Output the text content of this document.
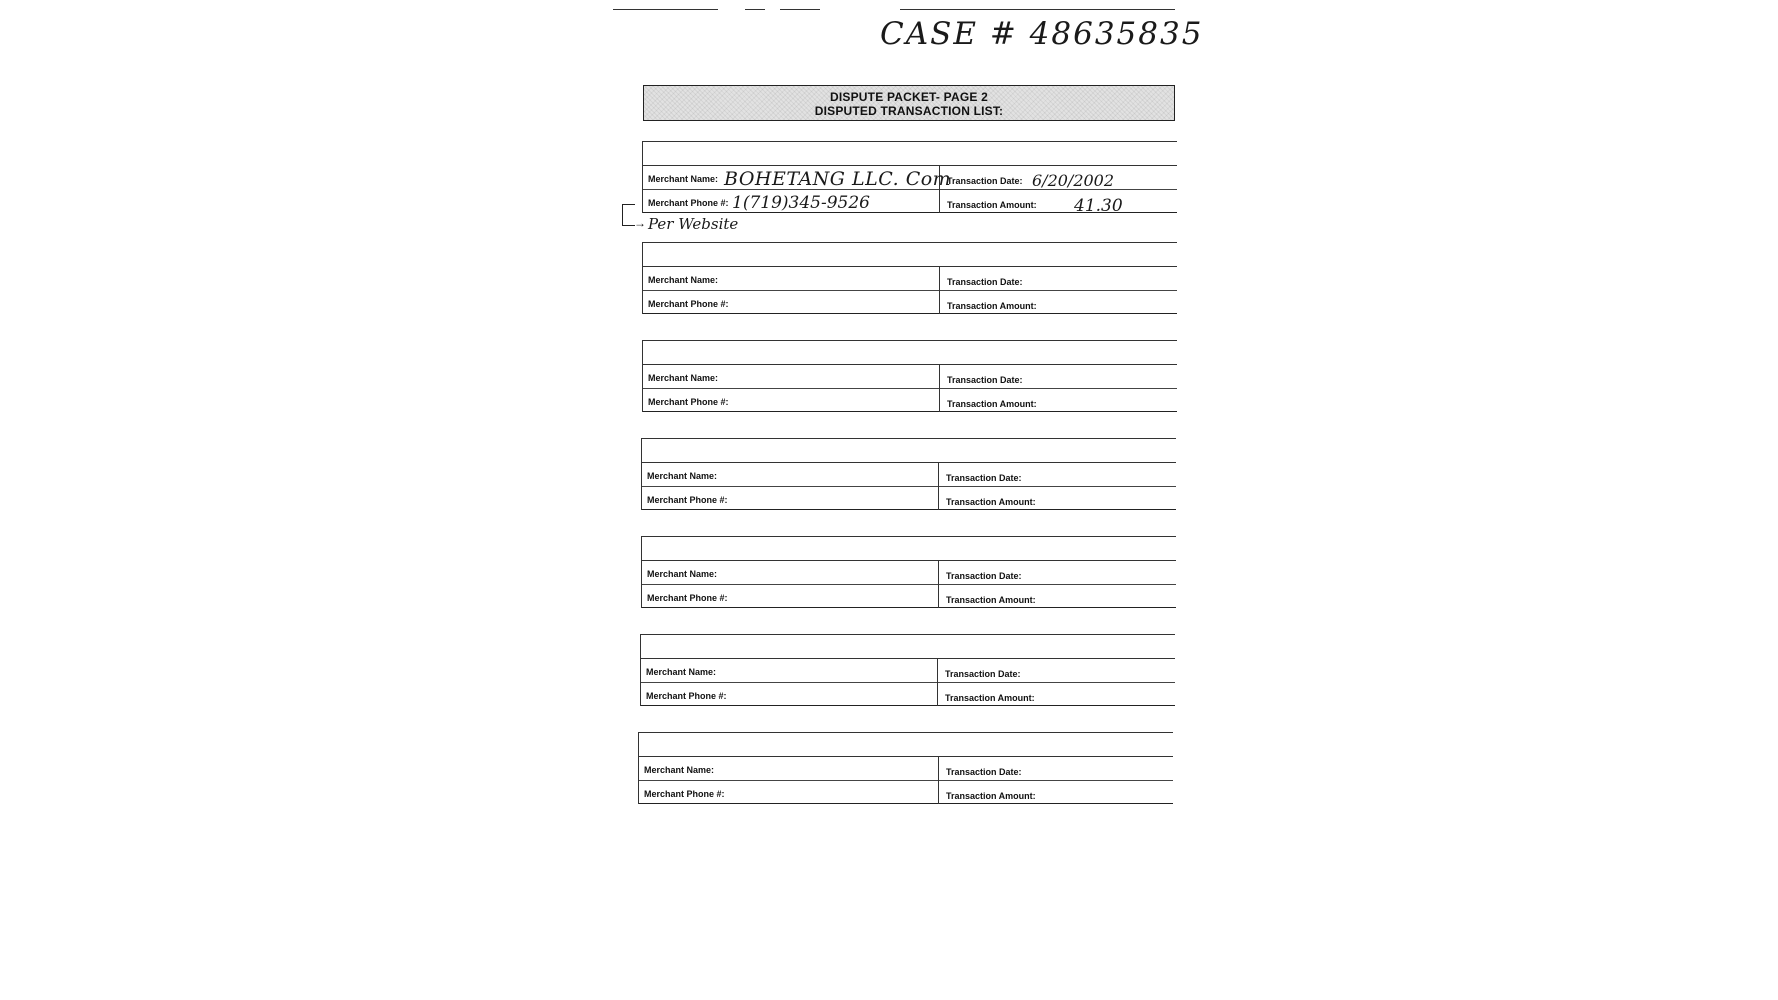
CASE # 48635835
DISPUTE PACKET- PAGE 2
DISPUTED TRANSACTION LIST:
Merchant Name:
Merchant Phone #:
Transaction Date:
Transaction Amount:
BOHETANG LLC. Com
1(719)345-9526
6/20/2002
41.30
→ Per Website
Merchant Name:
Merchant Phone #:
Transaction Date:
Transaction Amount:
Merchant Name:
Merchant Phone #:
Transaction Date:
Transaction Amount:
Merchant Name:
Merchant Phone #:
Transaction Date:
Transaction Amount:
Merchant Name:
Merchant Phone #:
Transaction Date:
Transaction Amount:
Merchant Name:
Merchant Phone #:
Transaction Date:
Transaction Amount:
Merchant Name:
Merchant Phone #:
Transaction Date:
Transaction Amount:
